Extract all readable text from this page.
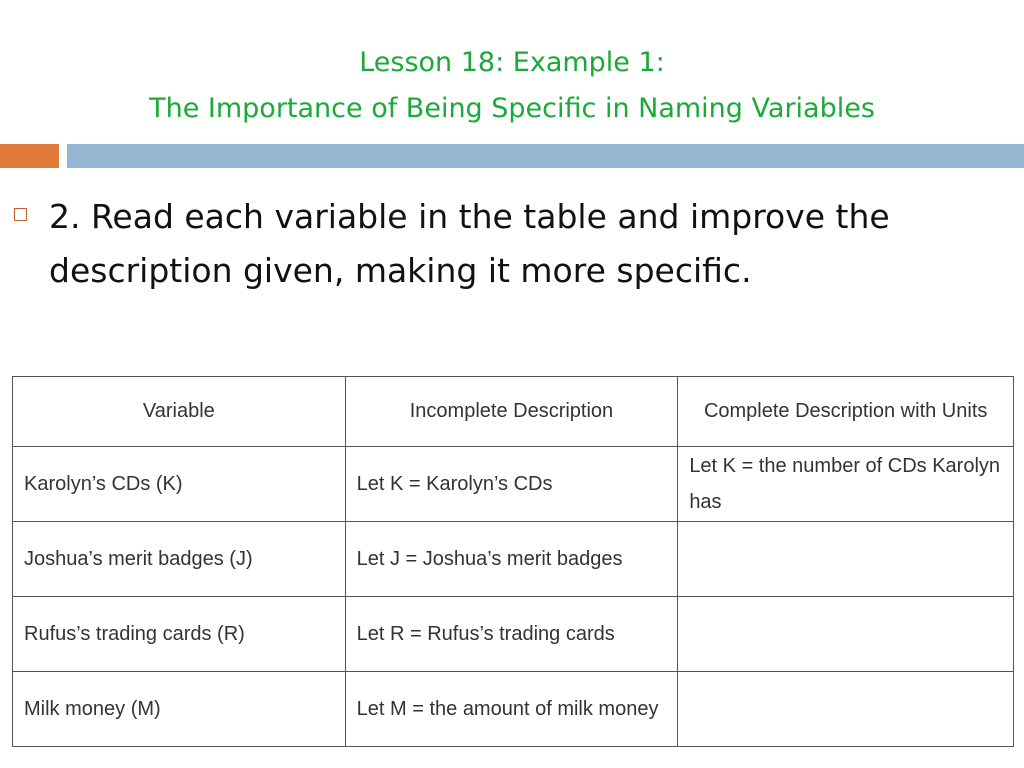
Lesson 18: Example 1:
The Importance of Being Specific in Naming Variables
2. Read each variable in the table and improve the description given, making it more specific.
Variable	Incomplete Description	Complete Description with Units
Karolyn’s CDs (K)	Let K = Karolyn’s CDs	Let K = the number of CDs Karolyn has
Joshua’s merit badges (J)	Let J = Joshua’s merit badges	
Rufus’s trading cards (R)	Let R = Rufus’s trading cards	
Milk money (M)	Let M = the amount of milk money	
